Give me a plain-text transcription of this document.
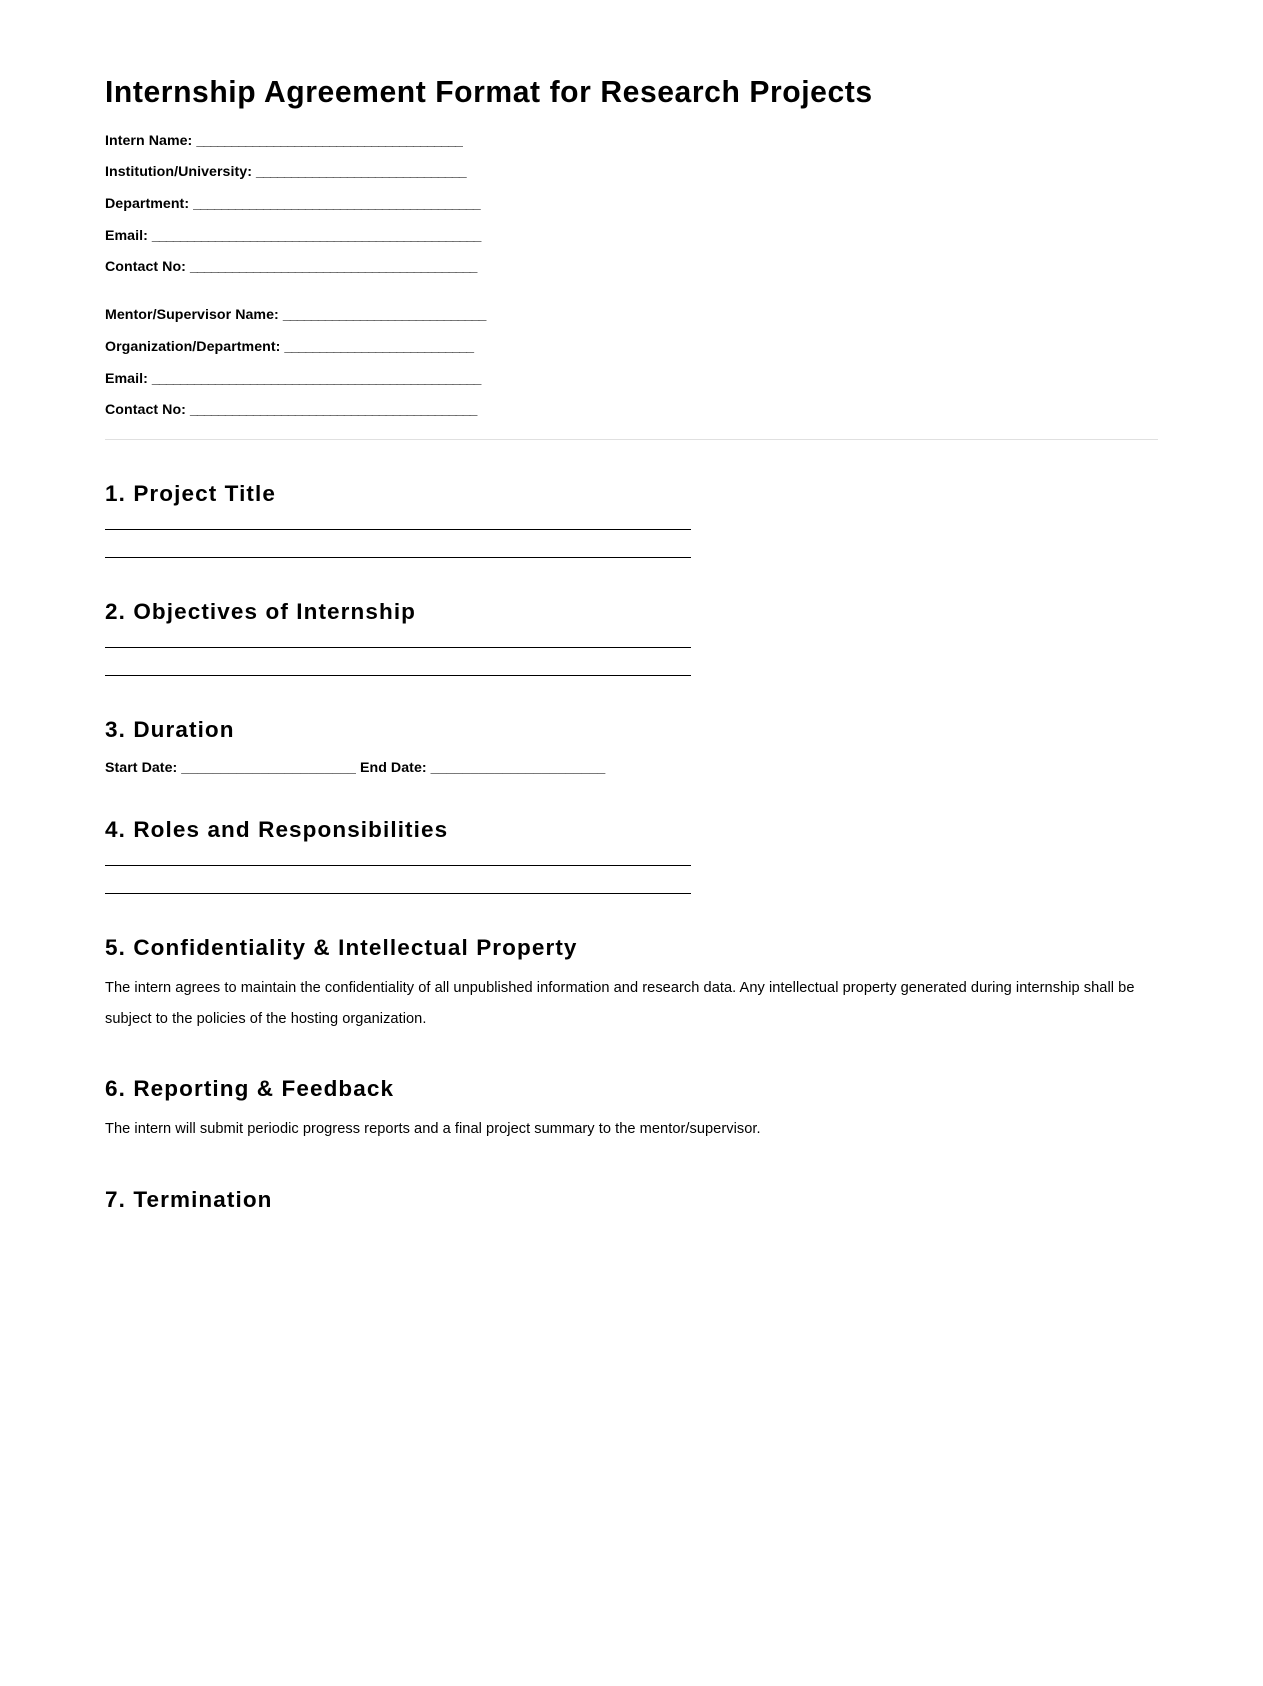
Internship Agreement Format for Research Projects
Intern Name: ______________________________________
Institution/University: ______________________________
Department: _________________________________________
Email: _______________________________________________
Contact No: _________________________________________
Mentor/Supervisor Name: _____________________________
Organization/Department: ___________________________
Email: _______________________________________________
Contact No: _________________________________________
1. Project Title
2. Objectives of Internship
3. Duration
Start Date: ______________________ End Date: ______________________
4. Roles and Responsibilities
5. Confidentiality & Intellectual Property

The intern agrees to maintain the confidentiality of all unpublished information and research data. Any intellectual property generated during internship shall be subject to the policies of the hosting organization.

6. Reporting & Feedback

The intern will submit periodic progress reports and a final project summary to the mentor/supervisor.

7. Termination
